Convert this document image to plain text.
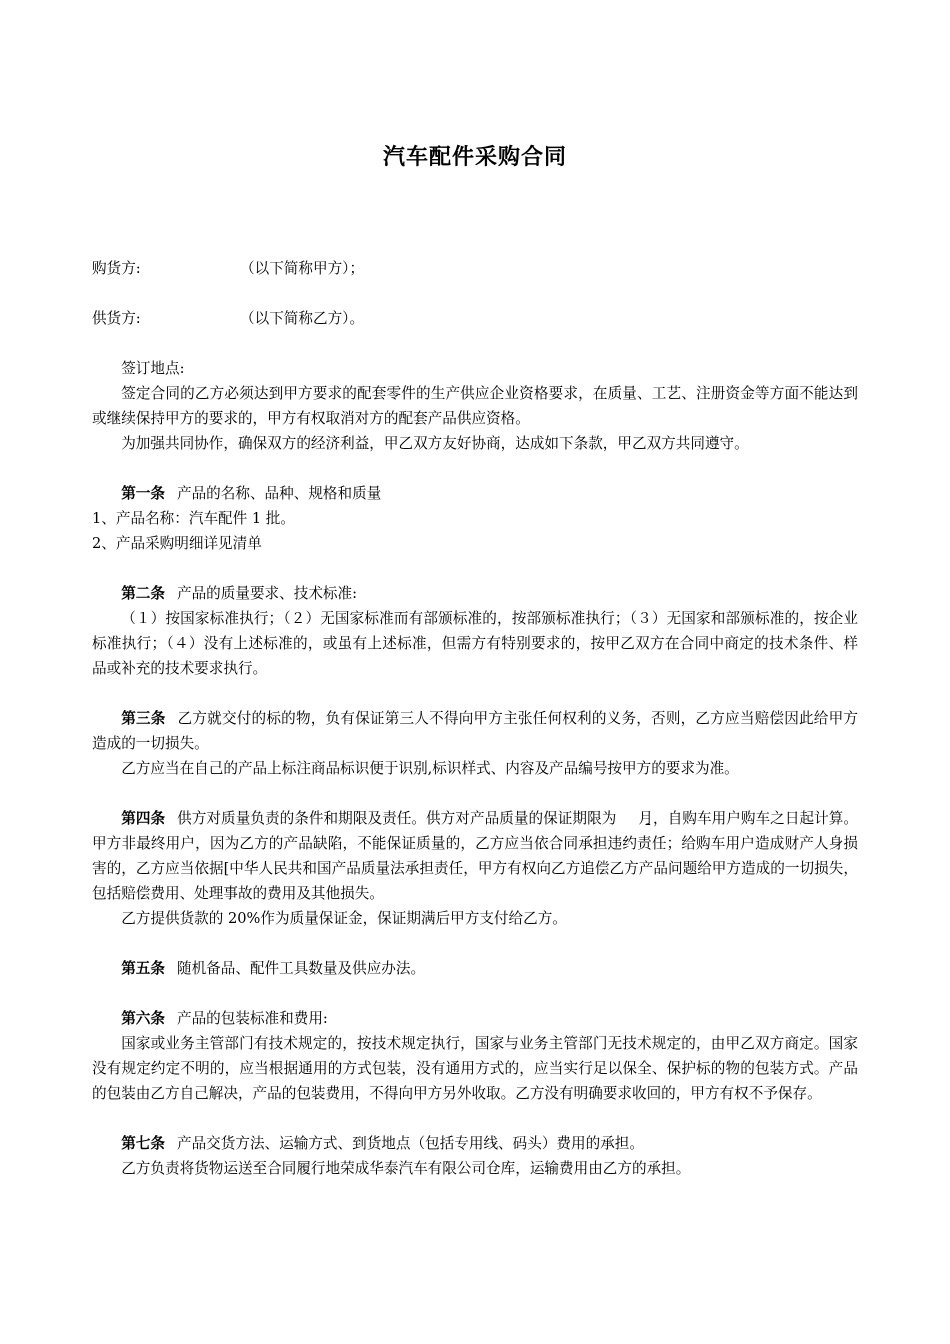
汽车配件采购合同

购货方:	（以下简称甲方）；

供货方:	（以下简称乙方）。

签订地点:

签定合同的乙方必须达到甲方要求的配套零件的生产供应企业资格要求，在质量、工艺、注册资金等方面不能达到或继续保持甲方的要求的，甲方有权取消对方的配套产品供应资格。

为加强共同协作，确保双方的经济利益，甲乙双方友好协商，达成如下条款，甲乙双方共同遵守。

第一条 产品的名称、品种、规格和质量

1、产品名称：汽车配件 1 批。

2、产品采购明细详见清单

第二条 产品的质量要求、技术标准:

（１）按国家标准执行；（２）无国家标准而有部颁标准的，按部颁标准执行；（３）无国家和部颁标准的，按企业标准执行；（４）没有上述标准的，或虽有上述标准，但需方有特别要求的，按甲乙双方在合同中商定的技术条件、样品或补充的技术要求执行。

第三条 乙方就交付的标的物，负有保证第三人不得向甲方主张任何权利的义务，否则，乙方应当赔偿因此给甲方造成的一切损失。

乙方应当在自己的产品上标注商品标识便于识别,标识样式、内容及产品编号按甲方的要求为准。

第四条 供方对质量负责的条件和期限及责任。供方对产品质量的保证期限为 月，自购车用户购车之日起计算。甲方非最终用户，因为乙方的产品缺陷，不能保证质量的，乙方应当依合同承担违约责任；给购车用户造成财产人身损害的，乙方应当依据[中华人民共和国产品质量法承担责任，甲方有权向乙方追偿乙方产品问题给甲方造成的一切损失，包括赔偿费用、处理事故的费用及其他损失。

乙方提供货款的 20%作为质量保证金，保证期满后甲方支付给乙方。

第五条 随机备品、配件工具数量及供应办法。

第六条 产品的包装标准和费用:

国家或业务主管部门有技术规定的，按技术规定执行，国家与业务主管部门无技术规定的，由甲乙双方商定。国家没有规定约定不明的，应当根据通用的方式包装，没有通用方式的，应当实行足以保全、保护标的物的包装方式。产品的包装由乙方自己解决，产品的包装费用，不得向甲方另外收取。乙方没有明确要求收回的，甲方有权不予保存。

第七条 产品交货方法、运输方式、到货地点（包括专用线、码头）费用的承担。

乙方负责将货物运送至合同履行地荣成华泰汽车有限公司仓库，运输费用由乙方的承担。
